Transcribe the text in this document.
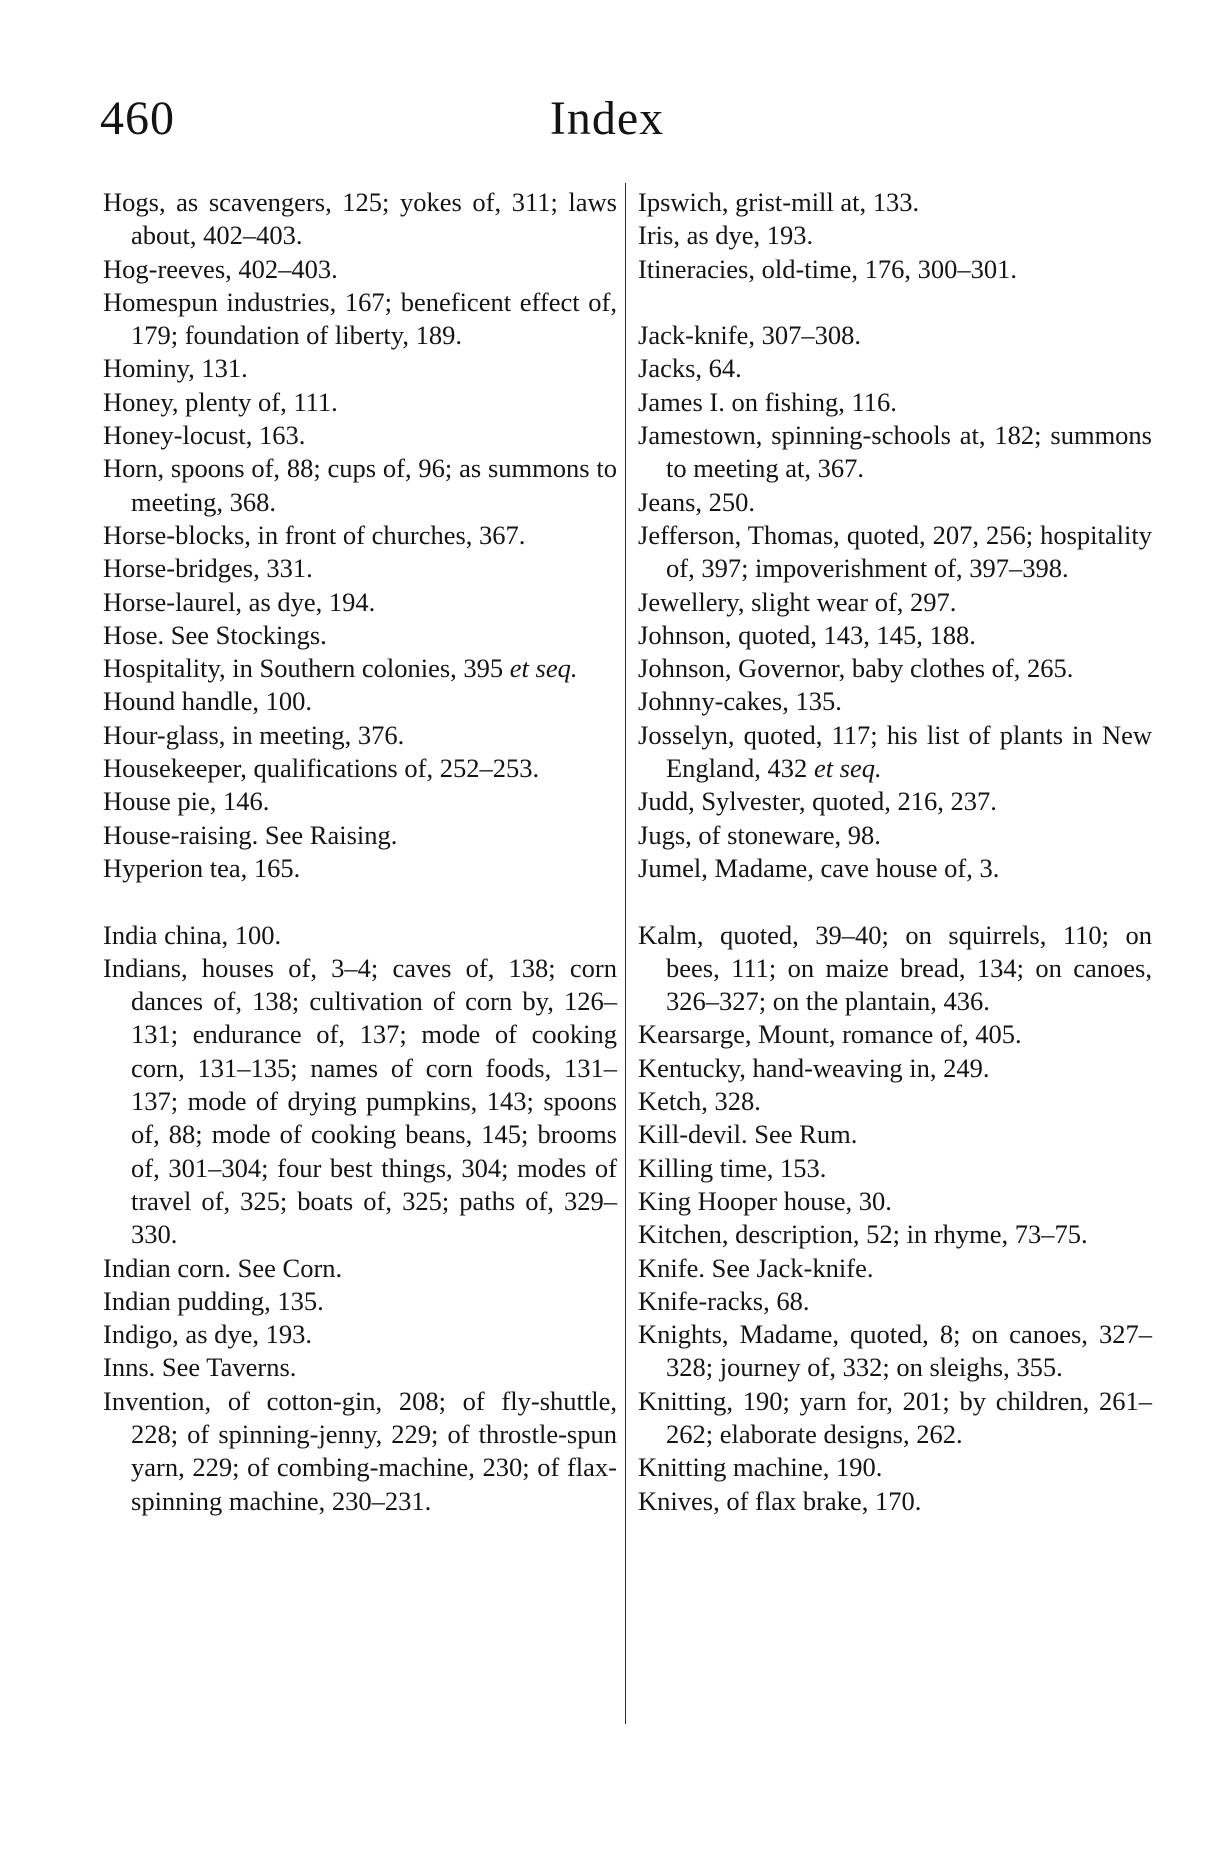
460	Index
Hogs, as scavengers, 125; yokes of, 311; laws about, 402–403.
Hog-reeves, 402–403.
Homespun industries, 167; beneficent effect of, 179; foundation of liberty, 189.
Hominy, 131.
Honey, plenty of, 111.
Honey-locust, 163.
Horn, spoons of, 88; cups of, 96; as summons to meeting, 368.
Horse-blocks, in front of churches, 367.
Horse-bridges, 331.
Horse-laurel, as dye, 194.
Hose. See Stockings.
Hospitality, in Southern colonies, 395 et seq.
Hound handle, 100.
Hour-glass, in meeting, 376.
Housekeeper, qualifications of, 252–253.
House pie, 146.
House-raising. See Raising.
Hyperion tea, 165.
India china, 100.
Indians, houses of, 3–4; caves of, 138; corn dances of, 138; cultivation of corn by, 126–131; endurance of, 137; mode of cooking corn, 131–135; names of corn foods, 131–137; mode of drying pumpkins, 143; spoons of, 88; mode of cooking beans, 145; brooms of, 301–304; four best things, 304; modes of travel of, 325; boats of, 325; paths of, 329–330.
Indian corn. See Corn.
Indian pudding, 135.
Indigo, as dye, 193.
Inns. See Taverns.
Invention, of cotton-gin, 208; of fly-shuttle, 228; of spinning-jenny, 229; of throstle-spun yarn, 229; of combing-machine, 230; of flax-spinning machine, 230–231.
Ipswich, grist-mill at, 133.
Iris, as dye, 193.
Itineracies, old-time, 176, 300–301.
Jack-knife, 307–308.
Jacks, 64.
James I. on fishing, 116.
Jamestown, spinning-schools at, 182; summons to meeting at, 367.
Jeans, 250.
Jefferson, Thomas, quoted, 207, 256; hospitality of, 397; impoverishment of, 397–398.
Jewellery, slight wear of, 297.
Johnson, quoted, 143, 145, 188.
Johnson, Governor, baby clothes of, 265.
Johnny-cakes, 135.
Josselyn, quoted, 117; his list of plants in New England, 432 et seq.
Judd, Sylvester, quoted, 216, 237.
Jugs, of stoneware, 98.
Jumel, Madame, cave house of, 3.
Kalm, quoted, 39–40; on squirrels, 110; on bees, 111; on maize bread, 134; on canoes, 326–327; on the plantain, 436.
Kearsarge, Mount, romance of, 405.
Kentucky, hand-weaving in, 249.
Ketch, 328.
Kill-devil. See Rum.
Killing time, 153.
King Hooper house, 30.
Kitchen, description, 52; in rhyme, 73–75.
Knife. See Jack-knife.
Knife-racks, 68.
Knights, Madame, quoted, 8; on canoes, 327–328; journey of, 332; on sleighs, 355.
Knitting, 190; yarn for, 201; by children, 261–262; elaborate designs, 262.
Knitting machine, 190.
Knives, of flax brake, 170.
